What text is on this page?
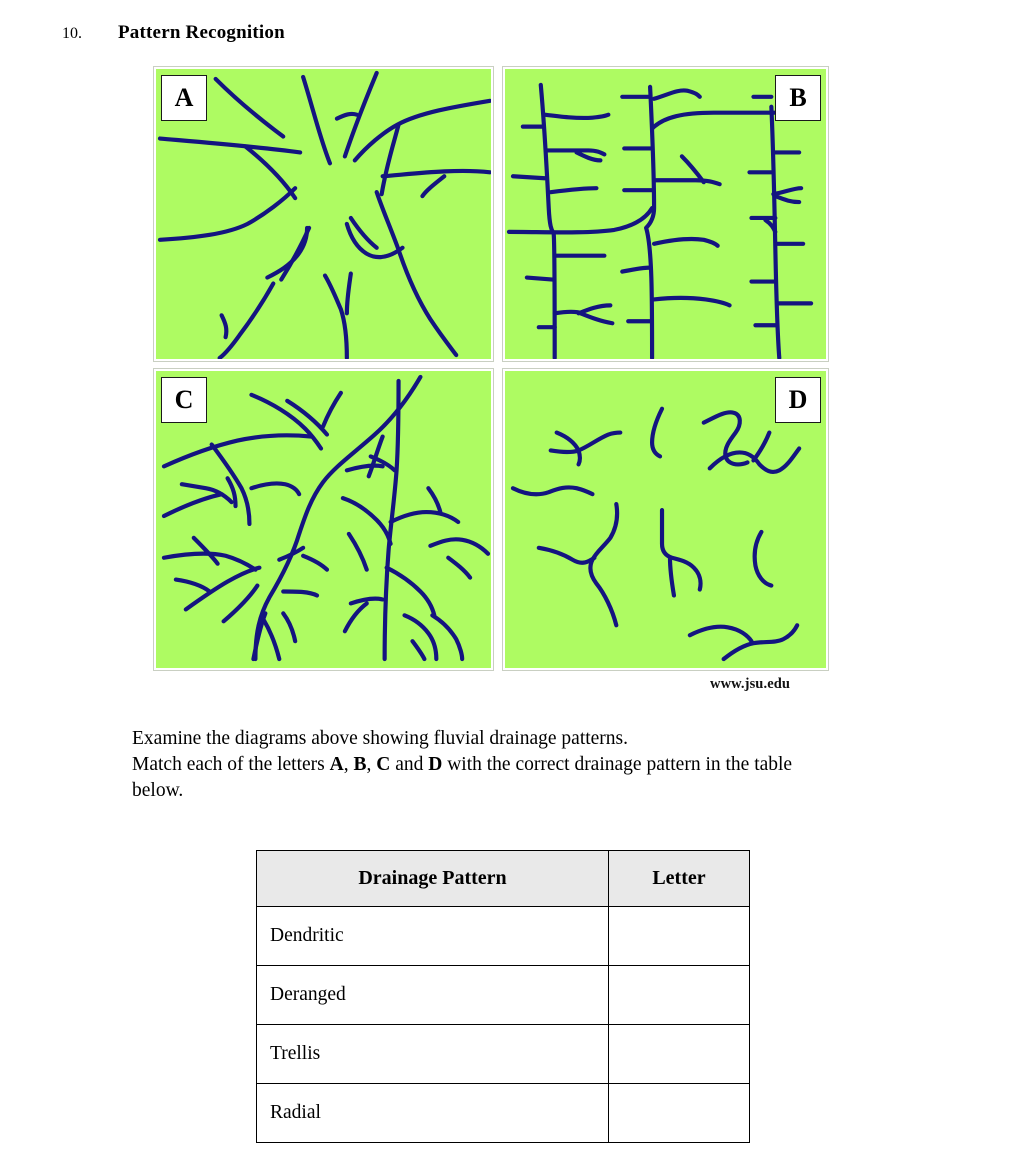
10. Pattern Recognition
A	B
C	D
www.jsu.edu
Examine the diagrams above showing fluvial drainage patterns.
Match each of the letters A, B, C and D with the correct drainage pattern in the table
below.
Drainage Pattern	Letter
Dendritic	
Deranged	
Trellis	
Radial	
